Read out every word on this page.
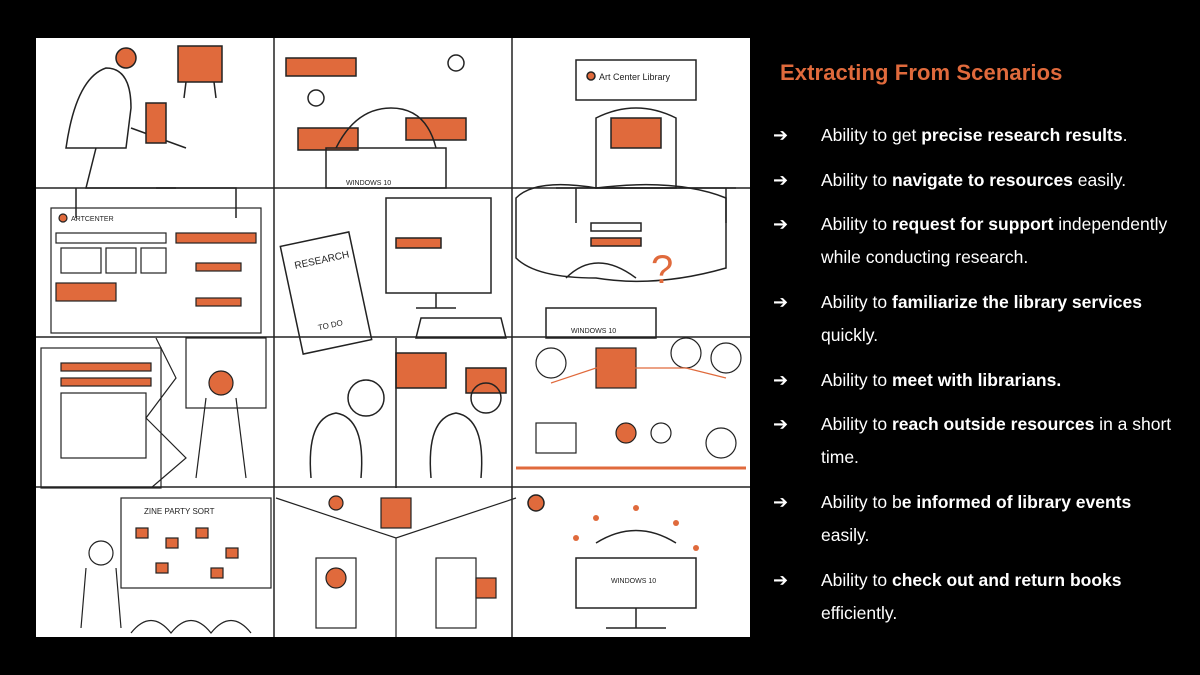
WINDOWS 10
Art Center Library
ARTCENTER
RESEARCH
TO DO	WINDOWS 10
?
ZINE PARTY SORT
WINDOWS 10
Extracting From Scenarios
➔ Ability to get precise research results.
➔ Ability to navigate to resources easily.
➔ Ability to request for support independently while conducting research.
➔ Ability to familiarize the library services quickly.
➔ Ability to meet with librarians.
➔ Ability to reach outside resources in a short time.
➔ Ability to be informed of library events easily.
➔ Ability to check out and return books efficiently.
